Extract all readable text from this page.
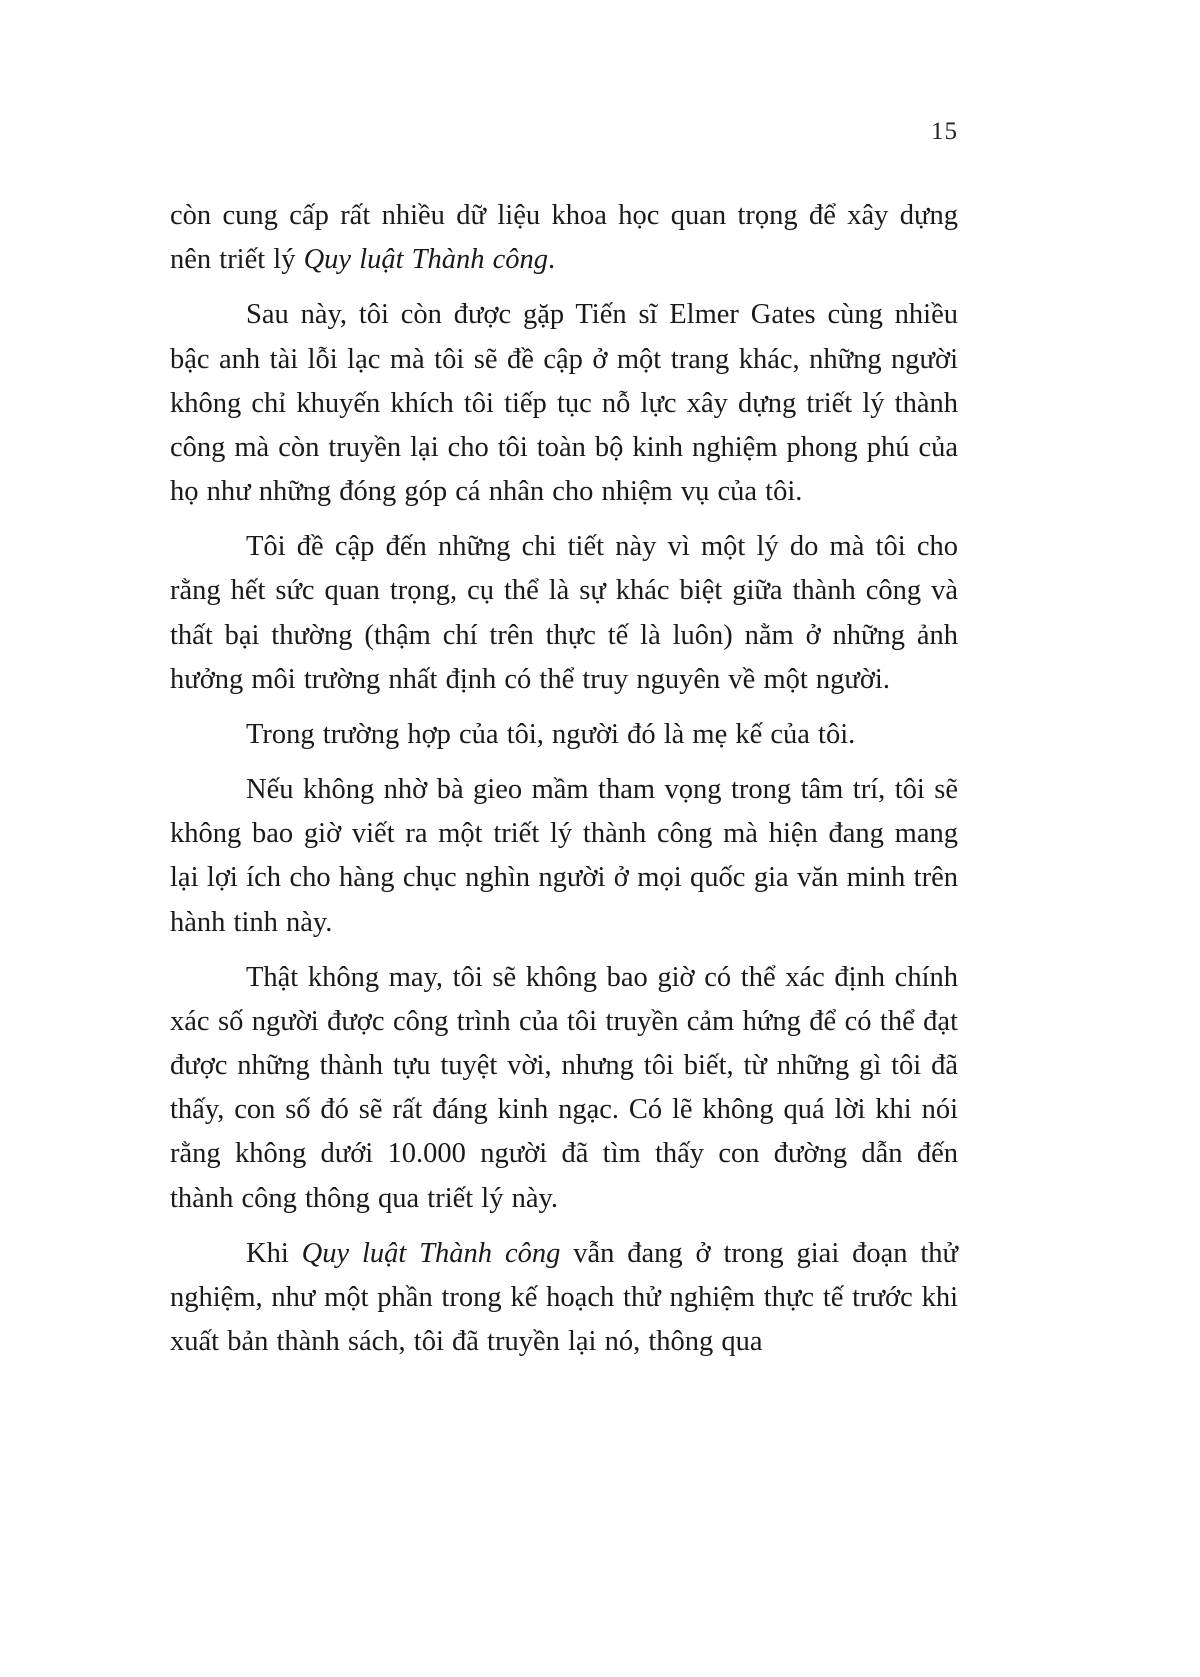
15

còn cung cấp rất nhiều dữ liệu khoa học quan trọng để xây dựng nên triết lý Quy luật Thành công.

Sau này, tôi còn được gặp Tiến sĩ Elmer Gates cùng nhiều bậc anh tài lỗi lạc mà tôi sẽ đề cập ở một trang khác, những người không chỉ khuyến khích tôi tiếp tục nỗ lực xây dựng triết lý thành công mà còn truyền lại cho tôi toàn bộ kinh nghiệm phong phú của họ như những đóng góp cá nhân cho nhiệm vụ của tôi.

Tôi đề cập đến những chi tiết này vì một lý do mà tôi cho rằng hết sức quan trọng, cụ thể là sự khác biệt giữa thành công và thất bại thường (thậm chí trên thực tế là luôn) nằm ở những ảnh hưởng môi trường nhất định có thể truy nguyên về một người.

Trong trường hợp của tôi, người đó là mẹ kế của tôi.

Nếu không nhờ bà gieo mầm tham vọng trong tâm trí, tôi sẽ không bao giờ viết ra một triết lý thành công mà hiện đang mang lại lợi ích cho hàng chục nghìn người ở mọi quốc gia văn minh trên hành tinh này.

Thật không may, tôi sẽ không bao giờ có thể xác định chính xác số người được công trình của tôi truyền cảm hứng để có thể đạt được những thành tựu tuyệt vời, nhưng tôi biết, từ những gì tôi đã thấy, con số đó sẽ rất đáng kinh ngạc. Có lẽ không quá lời khi nói rằng không dưới 10.000 người đã tìm thấy con đường dẫn đến thành công thông qua triết lý này.

Khi Quy luật Thành công vẫn đang ở trong giai đoạn thử nghiệm, như một phần trong kế hoạch thử nghiệm thực tế trước khi xuất bản thành sách, tôi đã truyền lại nó, thông qua
